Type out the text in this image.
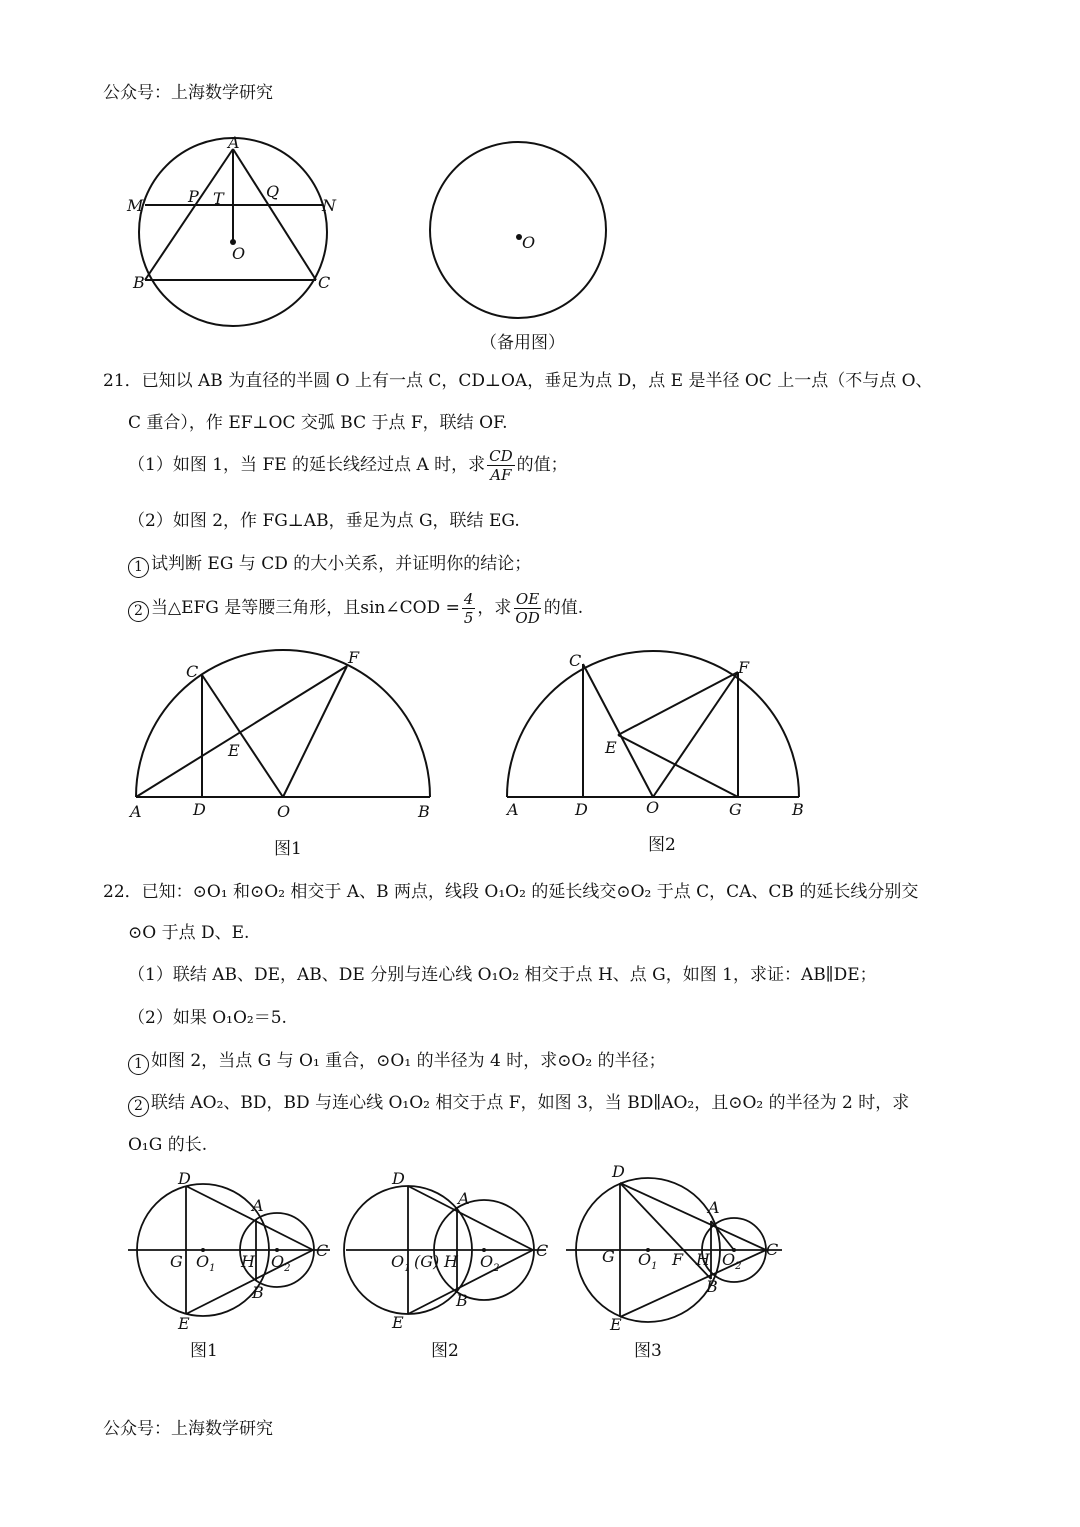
公众号：上海数学研究
A
M	N
P T	Q
O
B	C
O
（备用图）
21．已知以 AB 为直径的半圆 O 上有一点 C，CD⊥OA，垂足为点 D，点 E 是半径 OC 上一点（不与点 O、
C 重合），作 EF⊥OC 交弧 BC 于点 F，联结 OF.
（1）如图 1，当 FE 的延长线经过点 A 时，求 $\frac{CD}{AF}$ 的值；
（2）如图 2，作 FG⊥AB，垂足为点 G，联结 EG.
1 试判断 EG 与 CD 的大小关系，并证明你的结论；
2 当△EFG 是等腰三角形，且sin∠COD = $\frac{4}{5}$ ，求 $\frac{OE}{OD}$ 的值.
C
F
E
A	D	O	B
图1
C	F
E
A	D	O	G	B
图2
22．已知：⊙O₁ 和⊙O₂ 相交于 A、B 两点，线段 O₁O₂ 的延长线交⊙O₂ 于点 C，CA、CB 的延长线分别交
⊙O 于点 D、E.
（1）联结 AB、DE，AB、DE 分别与连心线 O₁O₂ 相交于点 H、点 G，如图 1，求证：AB∥DE；
（2）如果 O₁O₂＝5.
1 如图 2，当点 G 与 O₁ 重合，⊙O₁ 的半径为 4 时，求⊙O₂ 的半径；
2 联结 AO₂、BD，BD 与连心线 O₁O₂ 相交于点 F，如图 3，当 BD∥AO₂，且⊙O₂ 的半径为 2 时，求
O₁G 的长.
D
A
G $O_1$ H $O_2$
C
B
E
图1
D
A
$O_1$ (G) H $O_2$
C
B
E
图2
D
A
G $O_1$ F H $O_2$
C
B
E
图3
公众号：上海数学研究
